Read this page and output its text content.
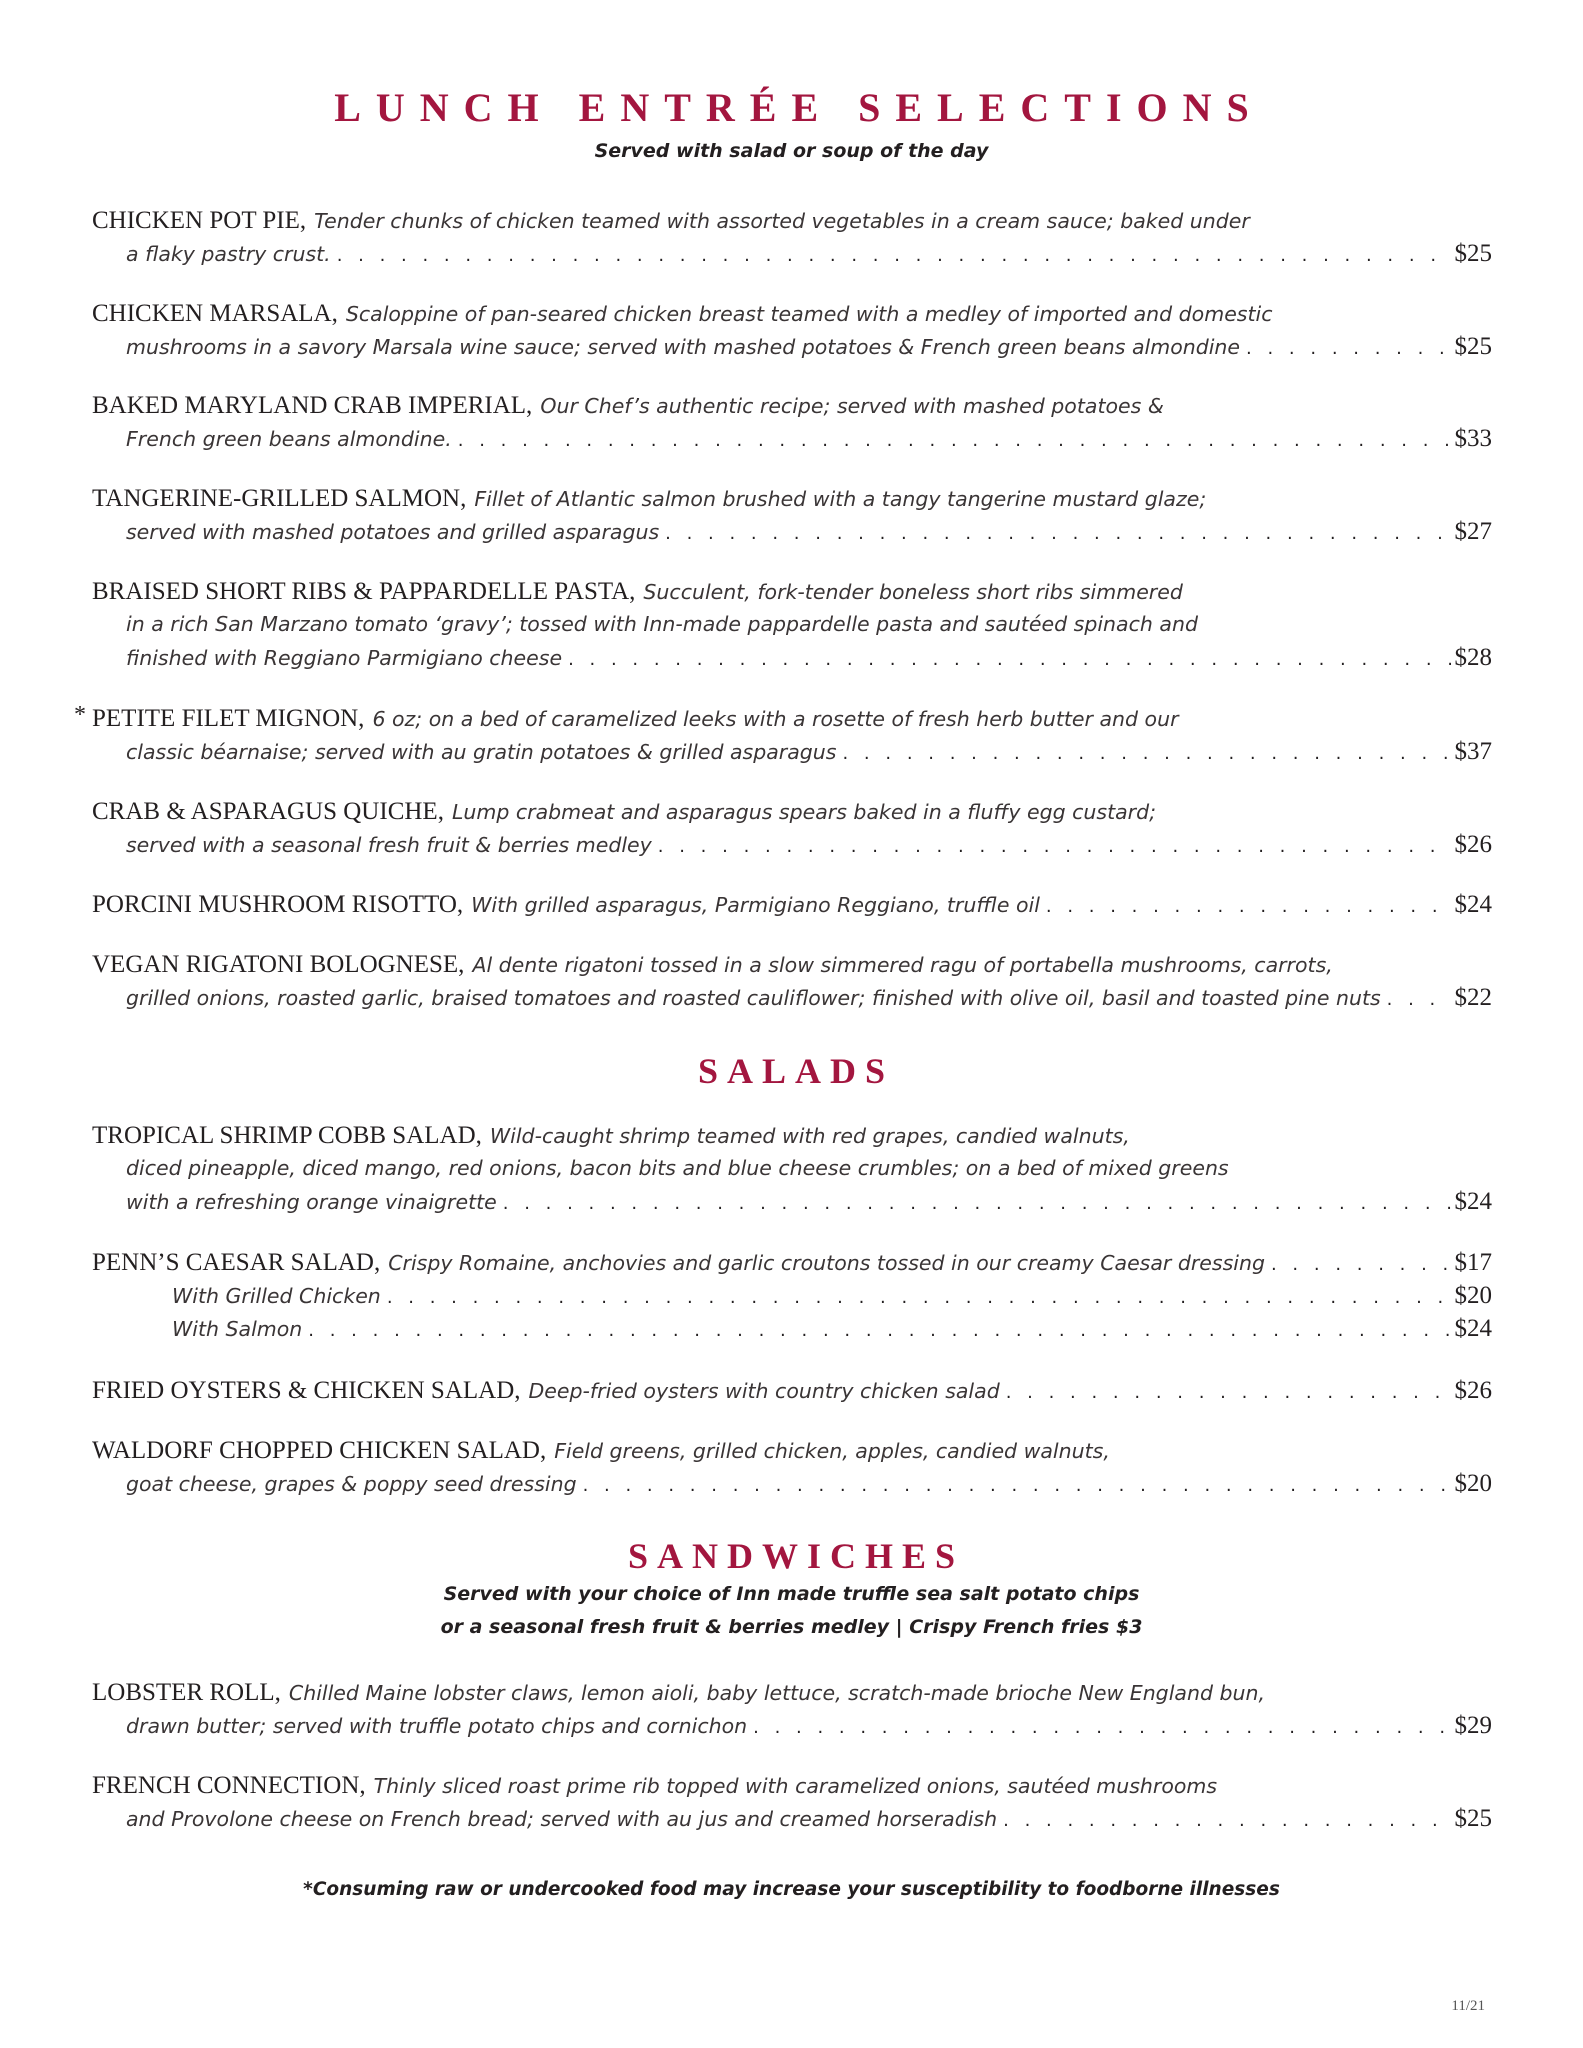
LUNCH ENTRÉE SELECTIONS
Served with salad or soup of the day
CHICKEN POT PIE, Tender chunks of chicken teamed with assorted vegetables in a cream sauce; baked under
a flaky pastry crust. . . .	$25
CHICKEN MARSALA, Scaloppine of pan-seared chicken breast teamed with a medley of imported and domestic
mushrooms in a savory Marsala wine sauce; served with mashed potatoes & French green beans almondine . . .	$25
BAKED MARYLAND CRAB IMPERIAL, Our Chef’s authentic recipe; served with mashed potatoes &
French green beans almondine. . . .	$33
TANGERINE-GRILLED SALMON, Fillet of Atlantic salmon brushed with a tangy tangerine mustard glaze;
served with mashed potatoes and grilled asparagus . . .	$27
BRAISED SHORT RIBS & PAPPARDELLE PASTA, Succulent, fork-tender boneless short ribs simmered
in a rich San Marzano tomato ‘gravy’; tossed with Inn-made pappardelle pasta and sautéed spinach and
finished with Reggiano Parmigiano cheese . . .	$28
* PETITE FILET MIGNON, 6 oz; on a bed of caramelized leeks with a rosette of fresh herb butter and our
classic béarnaise; served with au gratin potatoes & grilled asparagus . . .	$37
CRAB & ASPARAGUS QUICHE, Lump crabmeat and asparagus spears baked in a fluffy egg custard;
served with a seasonal fresh fruit & berries medley . . .	$26
PORCINI MUSHROOM RISOTTO, With grilled asparagus, Parmigiano Reggiano, truffle oil . . .	$24
VEGAN RIGATONI BOLOGNESE, Al dente rigatoni tossed in a slow simmered ragu of portabella mushrooms, carrots,
grilled onions, roasted garlic, braised tomatoes and roasted cauliflower; finished with olive oil, basil and toasted pine nuts . . .	$22
SALADS
TROPICAL SHRIMP COBB SALAD, Wild-caught shrimp teamed with red grapes, candied walnuts,
diced pineapple, diced mango, red onions, bacon bits and blue cheese crumbles; on a bed of mixed greens
with a refreshing orange vinaigrette . . .	$24
PENN’S CAESAR SALAD, Crispy Romaine, anchovies and garlic croutons tossed in our creamy Caesar dressing . . .	$17
With Grilled Chicken . . .	$20
With Salmon . . .	$24
FRIED OYSTERS & CHICKEN SALAD, Deep-fried oysters with country chicken salad . . .	$26
WALDORF CHOPPED CHICKEN SALAD, Field greens, grilled chicken, apples, candied walnuts,
goat cheese, grapes & poppy seed dressing . . .	$20
SANDWICHES
Served with your choice of Inn made truffle sea salt potato chips
or a seasonal fresh fruit & berries medley | Crispy French fries $3
LOBSTER ROLL, Chilled Maine lobster claws, lemon aioli, baby lettuce, scratch-made brioche New England bun,
drawn butter; served with truffle potato chips and cornichon . . .	$29
FRENCH CONNECTION, Thinly sliced roast prime rib topped with caramelized onions, sautéed mushrooms
and Provolone cheese on French bread; served with au jus and creamed horseradish . . .	$25
*Consuming raw or undercooked food may increase your susceptibility to foodborne illnesses
11/21
